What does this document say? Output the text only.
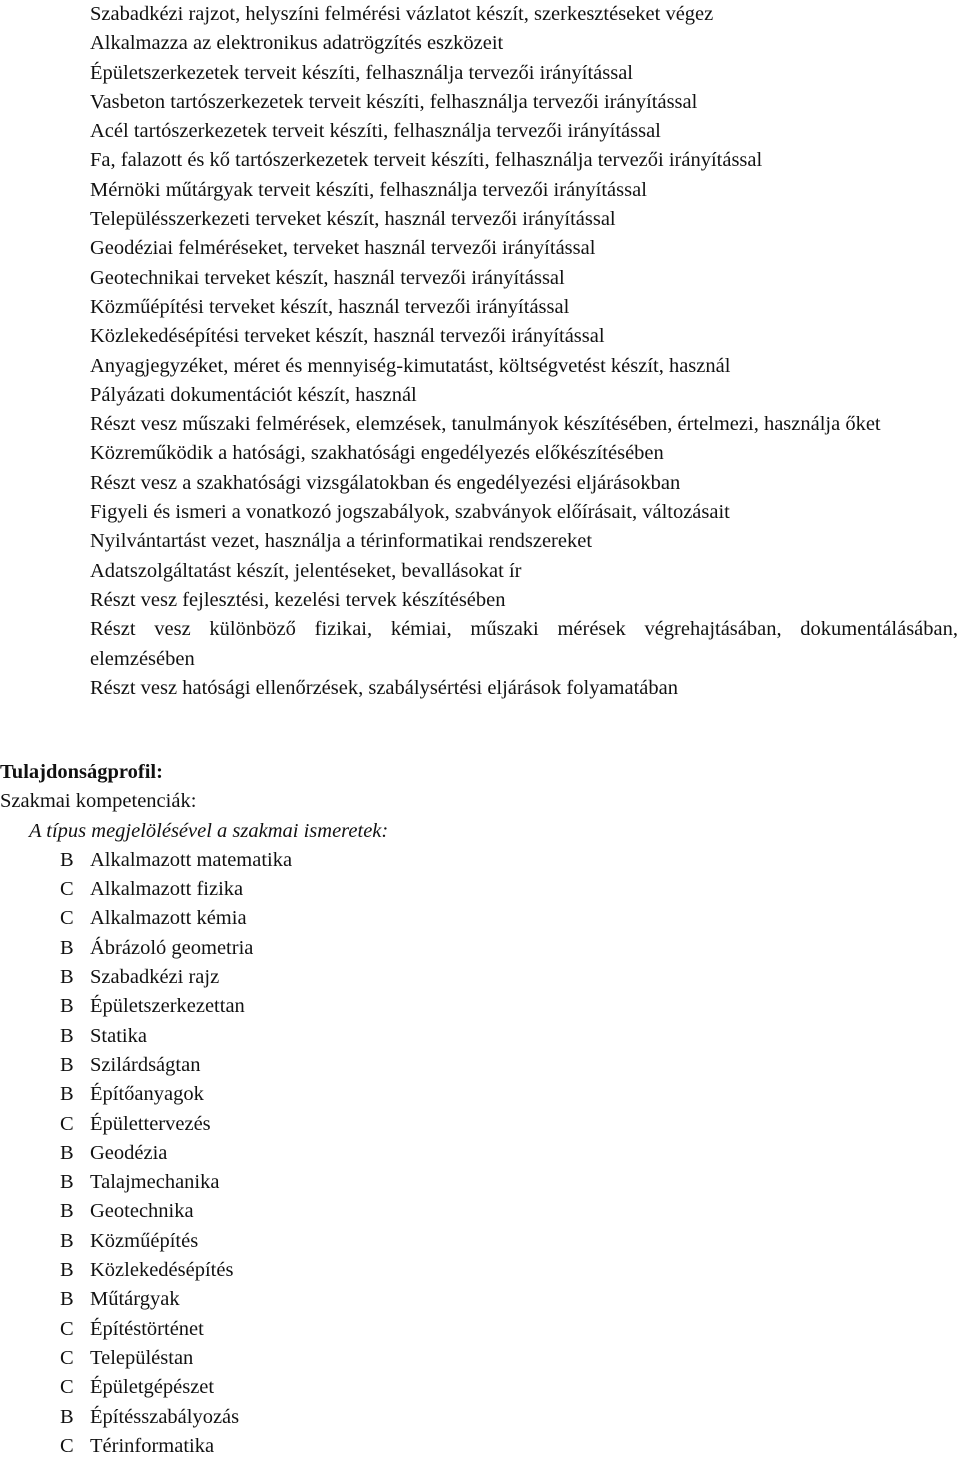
Szabadkézi rajzot, helyszíni felmérési vázlatot készít, szerkesztéseket végez
Alkalmazza az elektronikus adatrögzítés eszközeit
Épületszerkezetek terveit készíti, felhasználja tervezői irányítással
Vasbeton tartószerkezetek terveit készíti, felhasználja tervezői irányítással
Acél tartószerkezetek terveit készíti, felhasználja tervezői irányítással
Fa, falazott és kő tartószerkezetek terveit készíti, felhasználja tervezői irányítással
Mérnöki műtárgyak terveit készíti, felhasználja tervezői irányítással
Településszerkezeti terveket készít, használ tervezői irányítással
Geodéziai felméréseket, terveket használ tervezői irányítással
Geotechnikai terveket készít, használ tervezői irányítással
Közműépítési terveket készít, használ tervezői irányítással
Közlekedésépítési terveket készít, használ tervezői irányítással
Anyagjegyzéket, méret és mennyiség-kimutatást, költségvetést készít, használ
Pályázati dokumentációt készít, használ
Részt vesz műszaki felmérések, elemzések, tanulmányok készítésében, értelmezi, használja őket
Közreműködik a hatósági, szakhatósági engedélyezés előkészítésében
Részt vesz a szakhatósági vizsgálatokban és engedélyezési eljárásokban
Figyeli és ismeri a vonatkozó jogszabályok, szabványok előírásait, változásait
Nyilvántartást vezet, használja a térinformatikai rendszereket
Adatszolgáltatást készít, jelentéseket, bevallásokat ír
Részt vesz fejlesztési, kezelési tervek készítésében
Részt vesz különböző fizikai, kémiai, műszaki mérések végrehajtásában, dokumentálásában, elemzésében
Részt vesz hatósági ellenőrzések, szabálysértési eljárások folyamatában
Tulajdonságprofil:
Szakmai kompetenciák:
A típus megjelölésével a szakmai ismeretek:
B Alkalmazott matematika
C Alkalmazott fizika
C Alkalmazott kémia
B Ábrázoló geometria
B Szabadkézi rajz
B Épületszerkezettan
B Statika
B Szilárdságtan
B Építőanyagok
C Épülettervezés
B Geodézia
B Talajmechanika
B Geotechnika
B Közműépítés
B Közlekedésépítés
B Műtárgyak
C Építéstörténet
C Településtan
C Épületgépészet
B Építésszabályozás
C Térinformatika
